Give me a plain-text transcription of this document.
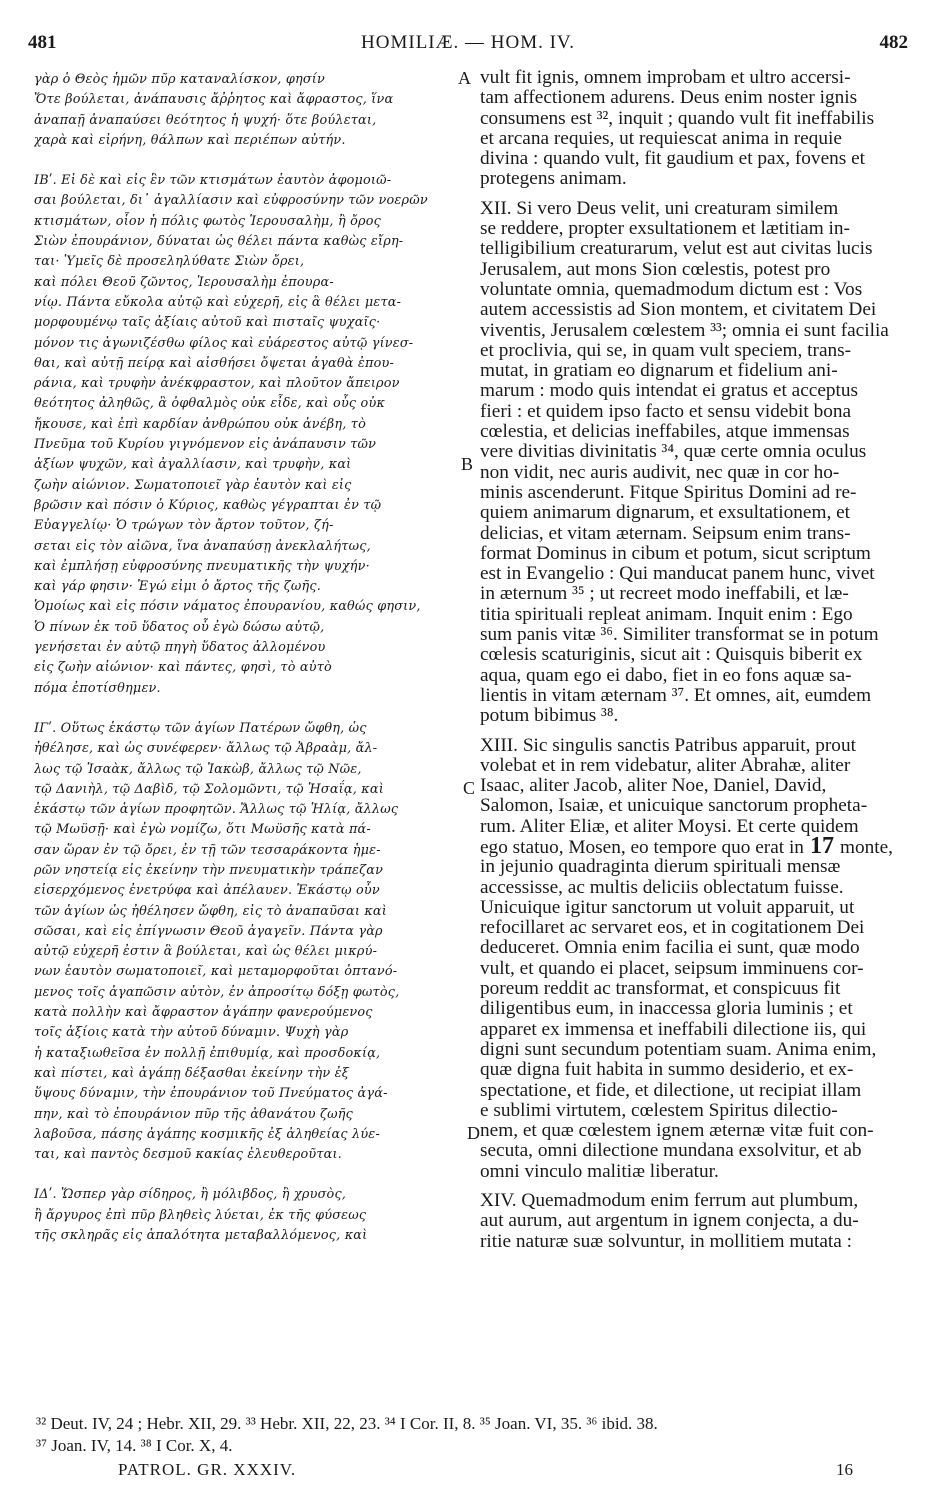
481	HOMILIÆ. — HOM. IV.	482
γὰρ ὁ Θεὸς ἡμῶν πῦρ καταναλίσκον, φησίν
Ὅτε βούλεται, ἀνάπαυσις ἄῤῥητος καὶ ἄφραστος, ἵνα
ἀναπαῇ ἀναπαύσει θεότητος ἡ ψυχή· ὅτε βούλεται,
χαρὰ καὶ εἰρήνη, θάλπων καὶ περιέπων αὐτήν.
ΙΒʹ. Εἰ δὲ καὶ εἰς ἓν τῶν κτισμάτων ἑαυτὸν ἀφομοιῶ-
σαι βούλεται, δι᾽ ἀγαλλίασιν καὶ εὐφροσύνην τῶν νοερῶν
κτισμάτων, οἷον ἡ πόλις φωτὸς Ἱερουσαλὴμ, ἢ ὄρος
Σιὼν ἐπουράνιον, δύναται ὡς θέλει πάντα καθὼς εἴρη-
ται· Ὑμεῖς δὲ προσεληλύθατε Σιὼν ὄρει,
καὶ πόλει Θεοῦ ζῶντος, Ἱερουσαλὴμ ἐπουρα-
νίῳ. Πάντα εὔκολα αὐτῷ καὶ εὐχερῆ, εἰς ἃ θέλει μετα-
μορφουμένῳ ταῖς ἀξίαις αὐτοῦ καὶ πισταῖς ψυχαῖς·
μόνον τις ἀγωνιζέσθω φίλος καὶ εὐάρεστος αὐτῷ γίνεσ-
θαι, καὶ αὐτῇ πείρᾳ καὶ αἰσθήσει ὄψεται ἀγαθὰ ἐπου-
ράνια, καὶ τρυφὴν ἀνέκφραστον, καὶ πλοῦτον ἄπειρον
θεότητος ἀληθῶς, ἃ ὀφθαλμὸς οὐκ εἶδε, καὶ οὖς οὐκ
ἤκουσε, καὶ ἐπὶ καρδίαν ἀνθρώπου οὐκ ἀνέβη, τὸ
Πνεῦμα τοῦ Κυρίου γιγνόμενον εἰς ἀνάπαυσιν τῶν
ἀξίων ψυχῶν, καὶ ἀγαλλίασιν, καὶ τρυφὴν, καὶ
ζωὴν αἰώνιον. Σωματοποιεῖ γὰρ ἑαυτὸν καὶ εἰς
βρῶσιν καὶ πόσιν ὁ Κύριος, καθὼς γέγραπται ἐν τῷ
Εὐαγγελίῳ· Ὁ τρώγων τὸν ἄρτον τοῦτον, ζή-
σεται εἰς τὸν αἰῶνα, ἵνα ἀναπαύσῃ ἀνεκλαλήτως,
καὶ ἐμπλήσῃ εὐφροσύνης πνευματικῆς τὴν ψυχήν·
καὶ γάρ φησιν· Ἐγώ εἰμι ὁ ἄρτος τῆς ζωῆς.
Ὁμοίως καὶ εἰς πόσιν νάματος ἐπουρανίου, καθώς φησιν,
Ὁ πίνων ἐκ τοῦ ὕδατος οὗ ἐγὼ δώσω αὐτῷ,
γενήσεται ἐν αὐτῷ πηγὴ ὕδατος ἀλλομένου
εἰς ζωὴν αἰώνιον· καὶ πάντες, φησὶ, τὸ αὐτὸ
πόμα ἐποτίσθημεν.
ΙΓʹ. Οὕτως ἑκάστῳ τῶν ἁγίων Πατέρων ὤφθη, ὡς
ἠθέλησε, καὶ ὡς συνέφερεν· ἄλλως τῷ Ἀβραὰμ, ἄλ-
λως τῷ Ἰσαὰκ, ἄλλως τῷ Ἰακὼβ, ἄλλως τῷ Νῶε,
τῷ Δανιὴλ, τῷ Δαβὶδ, τῷ Σολομῶντι, τῷ Ἡσαΐᾳ, καὶ
ἑκάστῳ τῶν ἁγίων προφητῶν. Ἄλλως τῷ Ἡλίᾳ, ἄλλως
τῷ Μωϋσῇ· καὶ ἐγὼ νομίζω, ὅτι Μωϋσῆς κατὰ πά-
σαν ὥραν ἐν τῷ ὄρει, ἐν τῇ τῶν τεσσαράκοντα ἡμε-
ρῶν νηστείᾳ εἰς ἐκείνην τὴν πνευματικὴν τράπεζαν
εἰσερχόμενος ἐνετρύφα καὶ ἀπέλαυεν. Ἑκάστῳ οὖν
τῶν ἁγίων ὡς ἠθέλησεν ὤφθη, εἰς τὸ ἀναπαῦσαι καὶ
σῶσαι, καὶ εἰς ἐπίγνωσιν Θεοῦ ἀγαγεῖν. Πάντα γὰρ
αὐτῷ εὐχερῆ ἐστιν ἃ βούλεται, καὶ ὡς θέλει μικρύ-
νων ἑαυτὸν σωματοποιεῖ, καὶ μεταμορφοῦται ὀπτανό-
μενος τοῖς ἀγαπῶσιν αὐτὸν, ἐν ἀπροσίτῳ δόξῃ φωτὸς,
κατὰ πολλὴν καὶ ἄφραστον ἀγάπην φανερούμενος
τοῖς ἀξίοις κατὰ τὴν αὐτοῦ δύναμιν. Ψυχὴ γὰρ
ἡ καταξιωθεῖσα ἐν πολλῇ ἐπιθυμίᾳ, καὶ προσδοκίᾳ,
καὶ πίστει, καὶ ἀγάπῃ δέξασθαι ἐκείνην τὴν ἐξ
ὕψους δύναμιν, τὴν ἐπουράνιον τοῦ Πνεύματος ἀγά-
πην, καὶ τὸ ἐπουράνιον πῦρ τῆς ἀθανάτου ζωῆς
λαβοῦσα, πάσης ἀγάπης κοσμικῆς ἐξ ἀληθείας λύε-
ται, καὶ παντὸς δεσμοῦ κακίας ἐλευθεροῦται.
ΙΔʹ. Ὥσπερ γὰρ σίδηρος, ἢ μόλιβδος, ἢ χρυσὸς,
ἢ ἄργυρος ἐπὶ πῦρ βληθεὶς λύεται, ἐκ τῆς φύσεως
τῆς σκληρᾶς εἰς ἁπαλότητα μεταβαλλόμενος, καὶ
vult fit ignis, omnem improbam et ultro accersi-
tam affectionem adurens. Deus enim noster ignis
consumens est ³², inquit ; quando vult fit ineffabilis
et arcana requies, ut requiescat anima in requie
divina : quando vult, fit gaudium et pax, fovens et
protegens animam.
XII. Si vero Deus velit, uni creaturam similem
se reddere, propter exsultationem et lætitiam in-
telligibilium creaturarum, velut est aut civitas lucis
Jerusalem, aut mons Sion cœlestis, potest pro
voluntate omnia, quemadmodum dictum est : Vos
autem accessistis ad Sion montem, et civitatem Dei
viventis, Jerusalem cœlestem ³³; omnia ei sunt facilia
et proclivia, qui se, in quam vult speciem, trans-
mutat, in gratiam eo dignarum et fidelium ani-
marum : modo quis intendat ei gratus et acceptus
fieri : et quidem ipso facto et sensu videbit bona
cœlestia, et delicias ineffabiles, atque immensas
vere divitias divinitatis ³⁴, quæ certe omnia oculus
non vidit, nec auris audivit, nec quæ in cor ho-
minis ascenderunt. Fitque Spiritus Domini ad re-
quiem animarum dignarum, et exsultationem, et
delicias, et vitam æternam. Seipsum enim trans-
format Dominus in cibum et potum, sicut scriptum
est in Evangelio : Qui manducat panem hunc, vivet
in æternum ³⁵ ; ut recreet modo ineffabili, et læ-
titia spirituali repleat animam. Inquit enim : Ego
sum panis vitæ ³⁶. Similiter transformat se in potum
cœlesis scaturiginis, sicut ait : Quisquis biberit ex
aqua, quam ego ei dabo, fiet in eo fons aquæ sa-
lientis in vitam æternam ³⁷. Et omnes, ait, eumdem
potum bibimus ³⁸.
XIII. Sic singulis sanctis Patribus apparuit, prout
volebat et in rem videbatur, aliter Abrahæ, aliter
Isaac, aliter Jacob, aliter Noe, Daniel, David,
Salomon, Isaiæ, et unicuique sanctorum propheta-
rum. Aliter Eliæ, et aliter Moysi. Et certe quidem
ego statuo, Mosen, eo tempore quo erat in 17 monte,
in jejunio quadraginta dierum spirituali mensæ
accessisse, ac multis deliciis oblectatum fuisse.
Unicuique igitur sanctorum ut voluit apparuit, ut
refocillaret ac servaret eos, et in cogitationem Dei
deduceret. Omnia enim facilia ei sunt, quæ modo
vult, et quando ei placet, seipsum imminuens cor-
poreum reddit ac transformat, et conspicuus fit
diligentibus eum, in inaccessa gloria luminis ; et
apparet ex immensa et ineffabili dilectione iis, qui
digni sunt secundum potentiam suam. Anima enim,
quæ digna fuit habita in summo desiderio, et ex-
spectatione, et fide, et dilectione, ut recipiat illam
e sublimi virtutem, cœlestem Spiritus dilectio-
nem, et quæ cœlestem ignem æternæ vitæ fuit con-
secuta, omni dilectione mundana exsolvitur, et ab
omni vinculo malitiæ liberatur.
XIV. Quemadmodum enim ferrum aut plumbum,
aut aurum, aut argentum in ignem conjecta, a du-
ritie naturæ suæ solvuntur, in mollitiem mutata :
A
B
C
D
³² Deut. IV, 24 ; Hebr. XII, 29. ³³ Hebr. XII, 22, 23. ³⁴ I Cor. II, 8. ³⁵ Joan. VI, 35. ³⁶ ibid. 38.
³⁷ Joan. IV, 14. ³⁸ I Cor. X, 4.
PATROL. GR. XXXIV.	16
